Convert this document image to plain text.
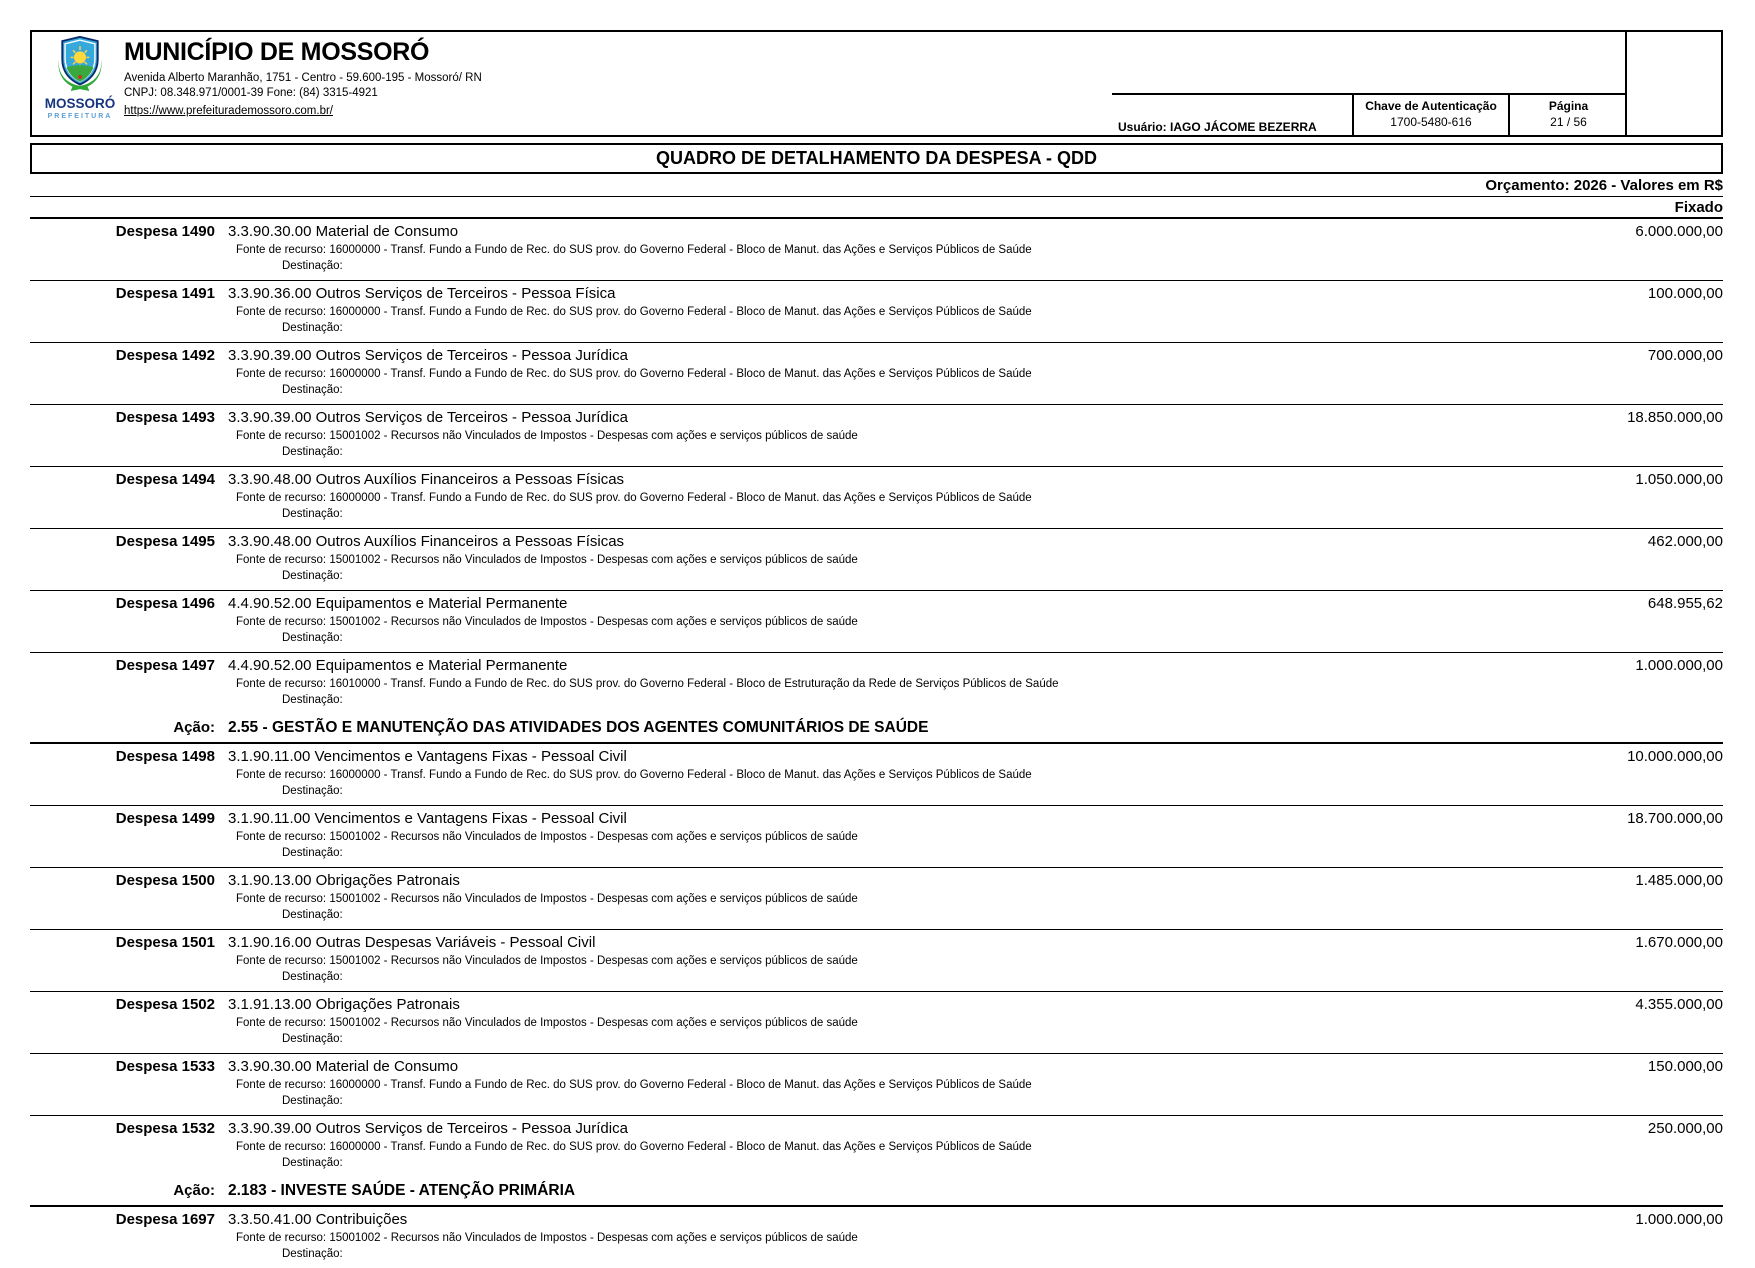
MOSSORÓ
PREFEITURA
MUNICÍPIO DE MOSSORÓ
Avenida Alberto Maranhão, 1751 - Centro - 59.600-195 - Mossoró/ RN
CNPJ: 08.348.971/0001-39 Fone: (84) 3315-4921
https://www.prefeiturademossoro.com.br/
Usuário: IAGO JÁCOME BEZERRA
Chave de Autenticação
1700-5480-616
Página
21 / 56
QUADRO DE DETALHAMENTO DA DESPESA - QDD
Orçamento: 2026 - Valores em R$
Fixado
Despesa 1490 3.3.90.30.00 Material de Consumo	6.000.000,00
Fonte de recurso: 16000000 - Transf. Fundo a Fundo de Rec. do SUS prov. do Governo Federal - Bloco de Manut. das Ações e Serviços Públicos de Saúde
Destinação:
Despesa 1491 3.3.90.36.00 Outros Serviços de Terceiros - Pessoa Física	100.000,00
Fonte de recurso: 16000000 - Transf. Fundo a Fundo de Rec. do SUS prov. do Governo Federal - Bloco de Manut. das Ações e Serviços Públicos de Saúde
Destinação:
Despesa 1492 3.3.90.39.00 Outros Serviços de Terceiros - Pessoa Jurídica	700.000,00
Fonte de recurso: 16000000 - Transf. Fundo a Fundo de Rec. do SUS prov. do Governo Federal - Bloco de Manut. das Ações e Serviços Públicos de Saúde
Destinação:
Despesa 1493 3.3.90.39.00 Outros Serviços de Terceiros - Pessoa Jurídica	18.850.000,00
Fonte de recurso: 15001002 - Recursos não Vinculados de Impostos - Despesas com ações e serviços públicos de saúde
Destinação:
Despesa 1494 3.3.90.48.00 Outros Auxílios Financeiros a Pessoas Físicas	1.050.000,00
Fonte de recurso: 16000000 - Transf. Fundo a Fundo de Rec. do SUS prov. do Governo Federal - Bloco de Manut. das Ações e Serviços Públicos de Saúde
Destinação:
Despesa 1495 3.3.90.48.00 Outros Auxílios Financeiros a Pessoas Físicas	462.000,00
Fonte de recurso: 15001002 - Recursos não Vinculados de Impostos - Despesas com ações e serviços públicos de saúde
Destinação:
Despesa 1496 4.4.90.52.00 Equipamentos e Material Permanente	648.955,62
Fonte de recurso: 15001002 - Recursos não Vinculados de Impostos - Despesas com ações e serviços públicos de saúde
Destinação:
Despesa 1497 4.4.90.52.00 Equipamentos e Material Permanente	1.000.000,00
Fonte de recurso: 16010000 - Transf. Fundo a Fundo de Rec. do SUS prov. do Governo Federal - Bloco de Estruturação da Rede de Serviços Públicos de Saúde
Destinação:
Ação: 2.55 - GESTÃO E MANUTENÇÃO DAS ATIVIDADES DOS AGENTES COMUNITÁRIOS DE SAÚDE
Despesa 1498 3.1.90.11.00 Vencimentos e Vantagens Fixas - Pessoal Civil	10.000.000,00
Fonte de recurso: 16000000 - Transf. Fundo a Fundo de Rec. do SUS prov. do Governo Federal - Bloco de Manut. das Ações e Serviços Públicos de Saúde
Destinação:
Despesa 1499 3.1.90.11.00 Vencimentos e Vantagens Fixas - Pessoal Civil	18.700.000,00
Fonte de recurso: 15001002 - Recursos não Vinculados de Impostos - Despesas com ações e serviços públicos de saúde
Destinação:
Despesa 1500 3.1.90.13.00 Obrigações Patronais	1.485.000,00
Fonte de recurso: 15001002 - Recursos não Vinculados de Impostos - Despesas com ações e serviços públicos de saúde
Destinação:
Despesa 1501 3.1.90.16.00 Outras Despesas Variáveis - Pessoal Civil	1.670.000,00
Fonte de recurso: 15001002 - Recursos não Vinculados de Impostos - Despesas com ações e serviços públicos de saúde
Destinação:
Despesa 1502 3.1.91.13.00 Obrigações Patronais	4.355.000,00
Fonte de recurso: 15001002 - Recursos não Vinculados de Impostos - Despesas com ações e serviços públicos de saúde
Destinação:
Despesa 1533 3.3.90.30.00 Material de Consumo	150.000,00
Fonte de recurso: 16000000 - Transf. Fundo a Fundo de Rec. do SUS prov. do Governo Federal - Bloco de Manut. das Ações e Serviços Públicos de Saúde
Destinação:
Despesa 1532 3.3.90.39.00 Outros Serviços de Terceiros - Pessoa Jurídica	250.000,00
Fonte de recurso: 16000000 - Transf. Fundo a Fundo de Rec. do SUS prov. do Governo Federal - Bloco de Manut. das Ações e Serviços Públicos de Saúde
Destinação:
Ação: 2.183 - INVESTE SAÚDE - ATENÇÃO PRIMÁRIA
Despesa 1697 3.3.50.41.00 Contribuições	1.000.000,00
Fonte de recurso: 15001002 - Recursos não Vinculados de Impostos - Despesas com ações e serviços públicos de saúde
Destinação:
